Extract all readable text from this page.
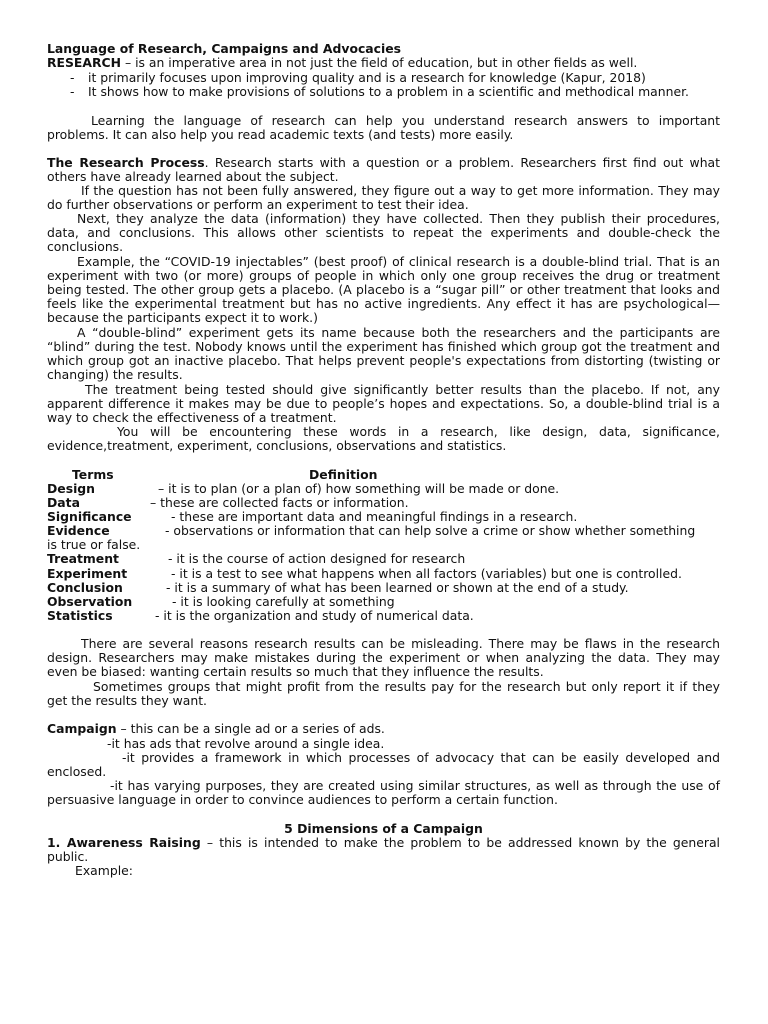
Language of Research, Campaigns and Advocacies

RESEARCH – is an imperative area in not just the field of education, but in other fields as well.

- it primarily focuses upon improving quality and is a research for knowledge (Kapur, 2018)

- It shows how to make provisions of solutions to a problem in a scientific and methodical manner.

Learning the language of research can help you understand research answers to important problems. It can also help you read academic texts (and tests) more easily.

The Research Process. Research starts with a question or a problem. Researchers first find out what others have already learned about the subject.

If the question has not been fully answered, they figure out a way to get more information. They may do further observations or perform an experiment to test their idea.

Next, they analyze the data (information) they have collected. Then they publish their procedures, data, and conclusions. This allows other scientists to repeat the experiments and double-check the conclusions.

Example, the “COVID-19 injectables” (best proof) of clinical research is a double-blind trial. That is an experiment with two (or more) groups of people in which only one group receives the drug or treatment being tested. The other group gets a placebo. (A placebo is a “sugar pill” or other treatment that looks and feels like the experimental treatment but has no active ingredients. Any effect it has are psychological—because the participants expect it to work.)

A “double-blind” experiment gets its name because both the researchers and the participants are “blind” during the test. Nobody knows until the experiment has finished which group got the treatment and which group got an inactive placebo. That helps prevent people's expectations from distorting (twisting or changing) the results.

The treatment being tested should give significantly better results than the placebo. If not, any apparent difference it makes may be due to people’s hopes and expectations. So, a double-blind trial is a way to check the effectiveness of a treatment.

You will be encountering these words in a research, like design, data, significance, evidence,treatment, experiment, conclusions, observations and statistics.

Terms	Definition
Design	– it is to plan (or a plan of) how something will be made or done.
Data	– these are collected facts or information.
Significance	- these are important data and meaningful findings in a research.
Evidence	- observations or information that can help solve a crime or show whether something
is true or false.
Treatment	- it is the course of action designed for research
Experiment	- it is a test to see what happens when all factors (variables) but one is controlled.
Conclusion	- it is a summary of what has been learned or shown at the end of a study.
Observation	- it is looking carefully at something
Statistics	- it is the organization and study of numerical data.

There are several reasons research results can be misleading. There may be flaws in the research design. Researchers may make mistakes during the experiment or when analyzing the data. They may even be biased: wanting certain results so much that they influence the results.

Sometimes groups that might profit from the results pay for the research but only report it if they get the results they want.

Campaign – this can be a single ad or a series of ads.

-it has ads that revolve around a single idea.

-it provides a framework in which processes of advocacy that can be easily developed and enclosed.

-it has varying purposes, they are created using similar structures, as well as through the use of persuasive language in order to convince audiences to perform a certain function.

5 Dimensions of a Campaign

1. Awareness Raising – this is intended to make the problem to be addressed known by the general public.

Example:
